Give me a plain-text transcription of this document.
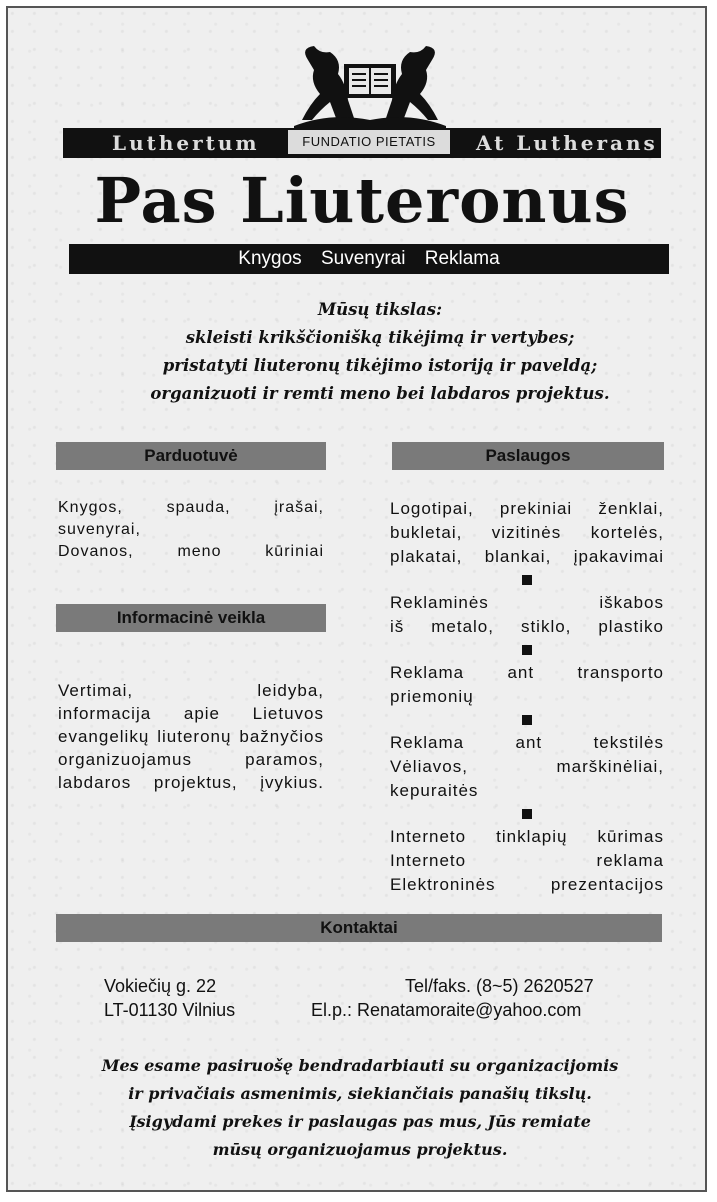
Luthertum	FUNDATIO PIETATIS	At Lutherans
Pas Liuteronus
Knygos Suvenyrai Reklama
Mūsų tikslas:
skleisti krikščionišką tikėjimą ir vertybes;
pristatyti liuteronų tikėjimo istoriją ir paveldą;
organizuoti ir remti meno bei labdaros projektus.
Parduotuvė
Knygos, spauda, įrašai, suvenyrai,
Dovanos, meno kūriniai
Informacinė veikla
Vertimai, leidyba,
informacija apie Lietuvos
evangelikų liuteronų bažnyčios
organizuojamus paramos,
labdaros projektus, įvykius.
Paslaugos
Logotipai, prekiniai ženklai,
bukletai, vizitinės kortelės,
plakatai, blankai, įpakavimai
Reklaminės iškabos
iš metalo, stiklo, plastiko
Reklama ant transporto priemonių
Reklama ant tekstilės
Vėliavos, marškinėliai, kepuraitės
Interneto tinklapių kūrimas
Interneto reklama
Elektroninės prezentacijos
Kontaktai
Vokiečių g. 22
LT-01130 Vilnius
Tel/faks. (8~5) 2620527
El.p.: Renatamoraite@yahoo.com
Mes esame pasiruošę bendradarbiauti su organizacijomis
ir privačiais asmenimis, siekiančiais panašių tikslų.
Įsigydami prekes ir paslaugas pas mus, Jūs remiate
mūsų organizuojamus projektus.
